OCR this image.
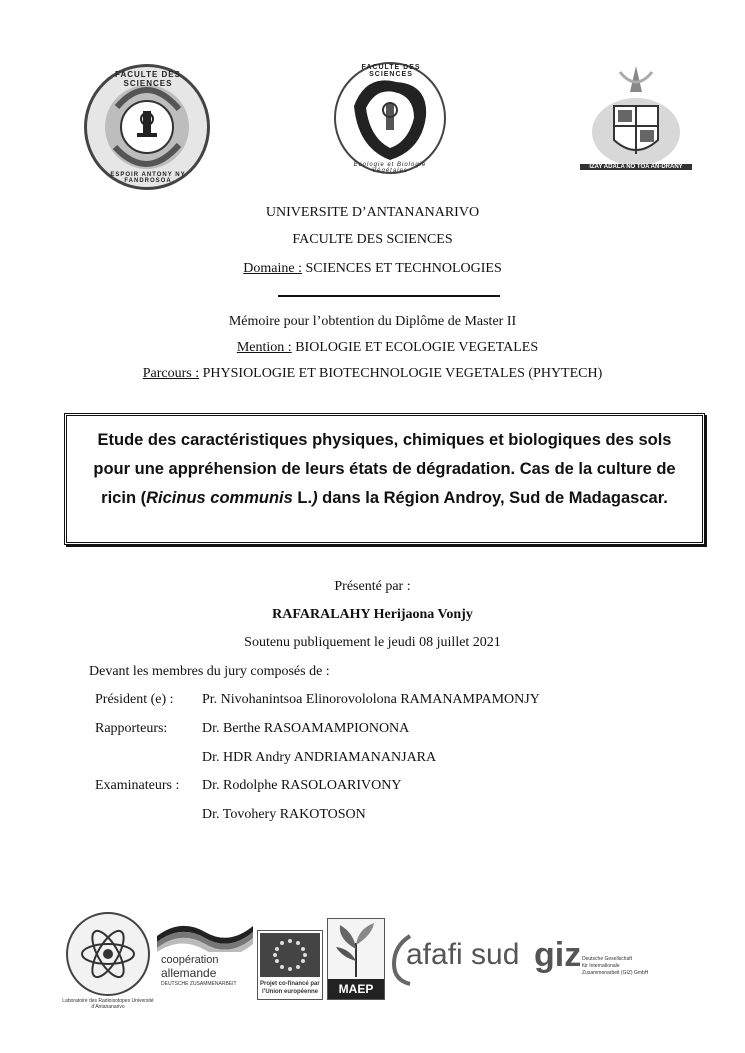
FACULTE DES SCIENCES
ESPOIR ANTONY NY FANDROSOA
FACULTE DES SCIENCES
Ecologie et Biologie Végétales
IZAY ADALA NO TOA AN-DRANY
UNIVERSITE D’ANTANANARIVO
FACULTE DES SCIENCES
Domaine : SCIENCES ET TECHNOLOGIES
Mémoire pour l’obtention du Diplôme de Master II
Mention : BIOLOGIE ET ECOLOGIE VEGETALES
Parcours : PHYSIOLOGIE ET BIOTECHNOLOGIE VEGETALES (PHYTECH)
Etude des caractéristiques physiques, chimiques et biologiques des sols pour une appréhension de leurs états de dégradation. Cas de la culture de ricin (Ricinus communis L.) dans la Région Androy, Sud de Madagascar.
Présenté par :
RAFARALAHY Herijaona Vonjy
Soutenu publiquement le jeudi 08 juillet 2021
Devant les membres du jury composés de :
Président (e) : Pr. Nivohanintsoa Elinorovololona RAMANAMPAMONJY
Rapporteurs: Dr. Berthe RASOAMAMPIONONA
Dr. HDR Andry ANDRIAMANANJARA
Examinateurs : Dr. Rodolphe RASOLOARIVONY
Dr. Tovohery RAKOTOSON
Laboratoire des Radioisotopes Université d’Antananarivo
coopération
allemande
DEUTSCHE ZUSAMMENARBEIT	Projet co-financé par
l’Union européenne	MAEP
afafi sud giz Deutsche Gesellschaft
für Internationale
Zusammenarbeit (GIZ) GmbH
